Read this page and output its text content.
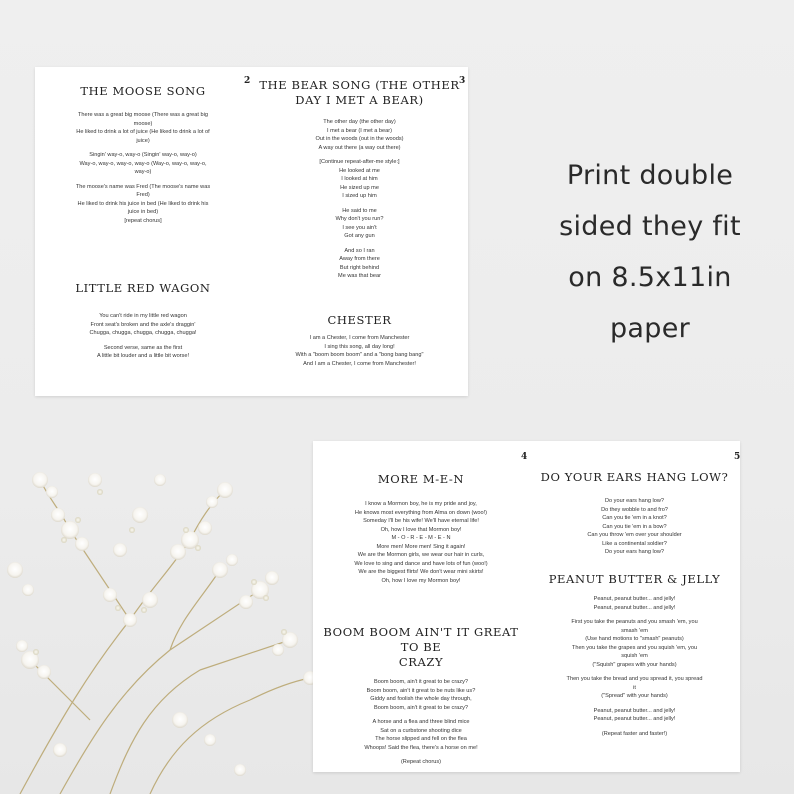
Print double
sided they fit
on 8.5x11in
paper
2
THE MOOSE SONG
There was a great big moose (There was a great big
moose)
He liked to drink a lot of juice (He liked to drink a lot of
juice)
Singin' way-o, way-o (Singin' way-o, way-o)
Way-o, way-o, way-o, way-o (Way-o, way-o, way-o,
way-o)
The moose's name was Fred (The moose's name was
Fred)
He liked to drink his juice in bed (He liked to drink his
juice in bed)
[repeat chorus]
LITTLE RED WAGON
You can't ride in my little red wagon
Front seat's broken and the axle's draggin'
Chugga, chugga, chugga, chugga, chugga!
Second verse, same as the first
A little bit louder and a little bit worse!
3
THE BEAR SONG (THE OTHER
DAY I MET A BEAR)
The other day (the other day)
I met a bear (I met a bear)
Out in the woods (out in the woods)
A way out there (a way out there)
[Continue repeat-after-me style:]
He looked at me
I looked at him
He sized up me
I sized up him
He said to me
Why don't you run?
I see you ain't
Got any gun
And so I ran
Away from there
But right behind
Me was that bear
CHESTER
I am a Chester, I come from Manchester
I sing this song, all day long!
With a "boom boom boom" and a "bong bang bang"
And I am a Chester, I come from Manchester!
4
MORE M-E-N
I know a Mormon boy, he is my pride and joy,
He knows most everything from Alma on down (woo!)
Someday I'll be his wife! We'll have eternal life!
Oh, how I love that Mormon boy!
M - O - R - E - M - E - N
More men! More men! Sing it again!
We are the Mormon girls, we wear our hair in curls,
We love to sing and dance and have lots of fun (woo!)
We are the biggest flirts! We don't wear mini skirts!
Oh, how I love my Mormon boy!
BOOM BOOM AIN'T IT GREAT TO BE
CRAZY
Boom boom, ain't it great to be crazy?
Boom boom, ain't it great to be nuts like us?
Giddy and foolish the whole day through,
Boom boom, ain't it great to be crazy?
A horse and a flea and three blind mice
Sat on a curbstone shooting dice
The horse slipped and fell on the flea
Whoops! Said the flea, there's a horse on me!
(Repeat chorus)
5
DO YOUR EARS HANG LOW?
Do your ears hang low?
Do they wobble to and fro?
Can you tie 'em in a knot?
Can you tie 'em in a bow?
Can you throw 'em over your shoulder
Like a continental soldier?
Do your ears hang low?
PEANUT BUTTER & JELLY
Peanut, peanut butter... and jelly!
Peanut, peanut butter... and jelly!
First you take the peanuts and you smash 'em, you
smash 'em
(Use hand motions to "smash" peanuts)
Then you take the grapes and you squish 'em, you
squish 'em
("Squish" grapes with your hands)
Then you take the bread and you spread it, you spread
it
("Spread" with your hands)
Peanut, peanut butter... and jelly!
Peanut, peanut butter... and jelly!
(Repeat faster and faster!)
